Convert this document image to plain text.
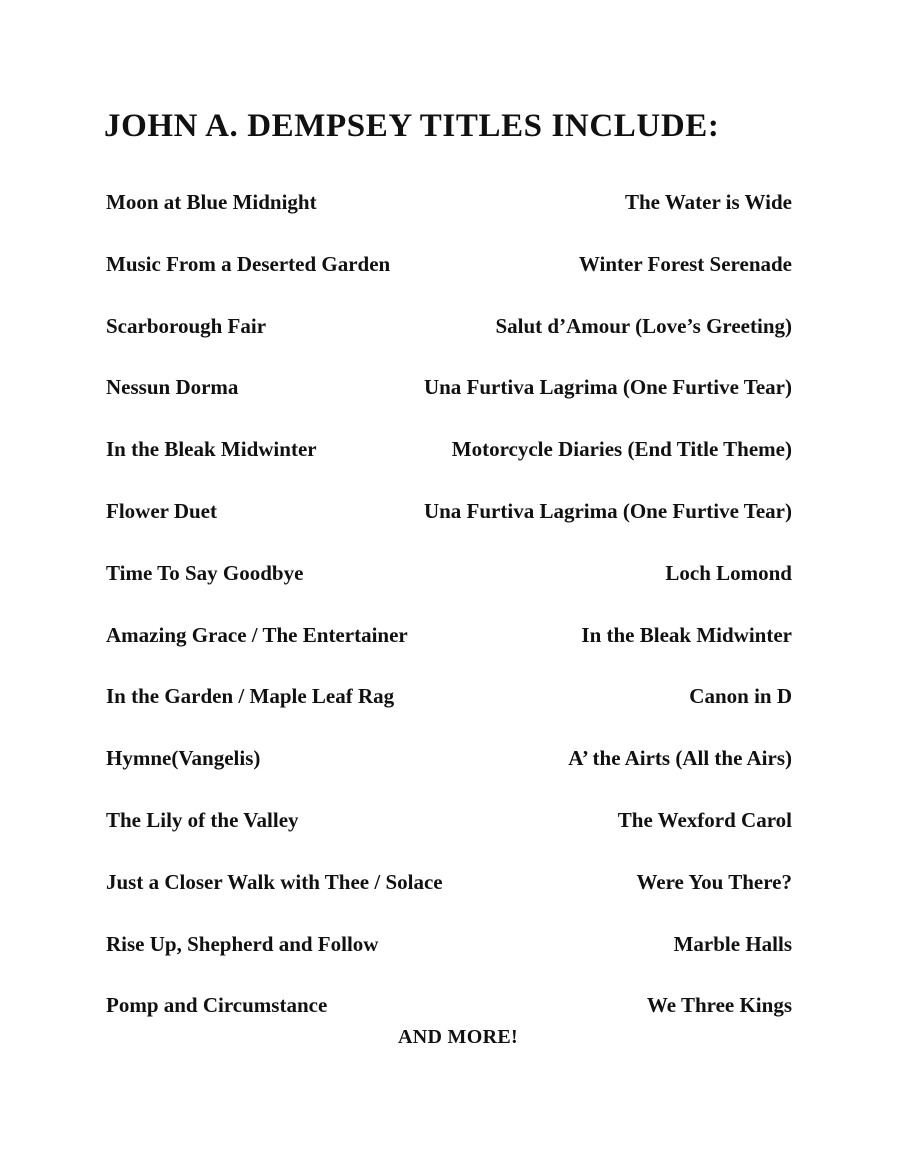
JOHN A. DEMPSEY TITLES INCLUDE:
Moon at Blue Midnight	The Water is Wide
Music From a Deserted Garden	Winter Forest Serenade
Scarborough Fair	Salut d’Amour (Love’s Greeting)
Nessun Dorma	Una Furtiva Lagrima (One Furtive Tear)
In the Bleak Midwinter	Motorcycle Diaries (End Title Theme)
Flower Duet	Una Furtiva Lagrima (One Furtive Tear)
Time To Say Goodbye	Loch Lomond
Amazing Grace / The Entertainer	In the Bleak Midwinter
In the Garden / Maple Leaf Rag	Canon in D
Hymne(Vangelis)	A’ the Airts (All the Airs)
The Lily of the Valley	The Wexford Carol
Just a Closer Walk with Thee / Solace	Were You There?
Rise Up, Shepherd and Follow	Marble Halls
Pomp and Circumstance	We Three Kings
AND MORE!
